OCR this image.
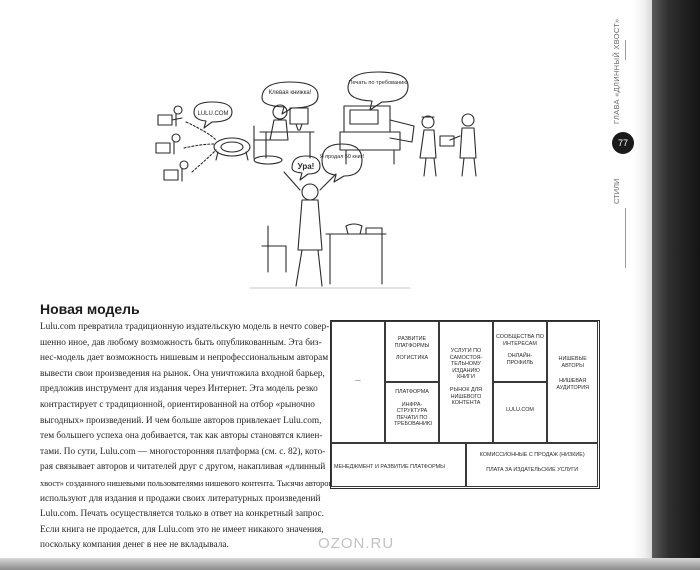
ГЛАВА «ДЛИННЫЙ ХВОСТ»
77
СТИЛИ
LULU.COM
Клевая книжка!
Печать по требованию
Ура!
Я продал 50 книг!
Новая модель
Lulu.com превратила традиционную издательскую модель в нечто совер-
шенно иное, дав любому возможность быть опубликованным. Эта биз-
нес-модель дает возможность нишевым и непрофессиональным авторам
вывести свои произведения на рынок. Она уничтожила входной барьер,
предложив инструмент для издания через Интернет. Эта модель резко
контрастирует с традиционной, ориентированной на отбор «рыночно
выгодных» произведений. И чем больше авторов привлекает Lulu.com,
тем большего успеха она добивается, так как авторы становятся клиен-
тами. По сути, Lulu.com — многосторонняя платформа (см. с. 82), кото-
рая связывает авторов и читателей друг с другом, накапливая «длинный
хвост» созданного нишевыми пользователями нишевого контента. Тысячи авторов
используют для издания и продажи своих литературных произведений
Lulu.com. Печать осуществляется только в ответ на конкретный запрос.
Если книга не продается, для Lulu.com это не имеет никакого значения,
поскольку компания денег в нее не вкладывала.
—
РАЗВИТИЕ ПЛАТФОРМЫ
ЛОГИСТИКА
ПЛАТФОРМА
ИНФРА-СТРУКТУРА ПЕЧАТИ ПО ТРЕБОВАНИЮ
УСЛУГИ ПО САМОСТОЯ-ТЕЛЬНОМУ ИЗДАНИЮ КНИГИ
РЫНОК ДЛЯ НИШЕВОГО КОНТЕНТА
СООБЩЕСТВА ПО ИНТЕРЕСАМ
ОНЛАЙН-ПРОФИЛЬ
LULU.COM
НИШЕВЫЕ АВТОРЫ
НИШЕВАЯ АУДИТОРИЯ
МЕНЕДЖМЕНТ И РАЗВИТИЕ ПЛАТФОРМЫ
КОМИССИОННЫЕ С ПРОДАЖ (НИЗКИЕ)
ПЛАТА ЗА ИЗДАТЕЛЬСКИЕ УСЛУГИ
OZON.RU
